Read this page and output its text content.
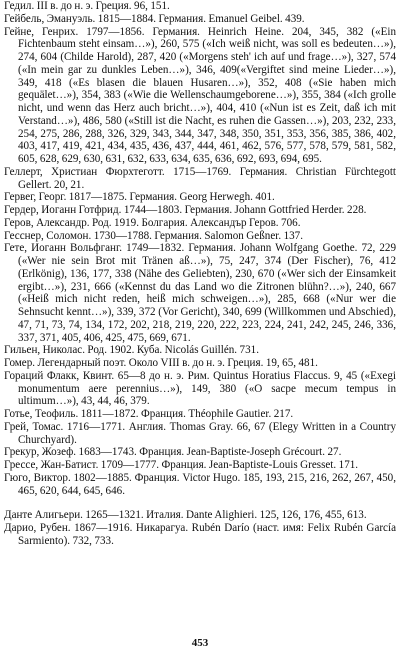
Гедил. III в. до н. э. Греция. 96, 151.

Гейбель, Эмануэль. 1815—1884. Германия. Emanuel Geibel. 439.

Гейне, Генрих. 1797—1856. Германия. Heinrich Heine. 204, 345, 382 («Ein Fichtenbaum steht einsam…»), 260, 575 («Ich weiß nicht, was soll es bedeuten…»), 274, 604 (Childe Harold), 287, 420 («Morgens steh' ich auf und frage…»), 327, 574 («In mein gar zu dunkles Leben…»), 346, 409(«Vergiftet sind meine Lieder…»), 349, 418 («Es blasen die blauen Husaren…»), 352, 408 («Sie haben mich gequälet…»), 354, 383 («Wie die Wellenschaumgeborene…»), 355, 384 («Ich grolle nicht, und wenn das Herz auch bricht…»), 404, 410 («Nun ist es Zeit, daß ich mit Verstand…»), 486, 580 («Still ist die Nacht, es ruhen die Gassen…»), 203, 232, 233, 254, 275, 286, 288, 326, 329, 343, 344, 347, 348, 350, 351, 353, 356, 385, 386, 402, 403, 417, 419, 421, 434, 435, 436, 437, 444, 461, 462, 576, 577, 578, 579, 581, 582, 605, 628, 629, 630, 631, 632, 633, 634, 635, 636, 692, 693, 694, 695.

Геллерт, Христиан Фюрхтеготт. 1715—1769. Германия. Christian Fürchtegott Gellert. 20, 21.

Гервег, Георг. 1817—1875. Германия. Georg Herwegh. 401.

Гердер, Иоганн Готфрид. 1744—1803. Германия. Johann Gottfried Herder. 228.

Геров, Александр. Род. 1919. Болгария. Александър Геров. 706.

Гесснер, Соломон. 1730—1788. Германия. Salomon Geßner. 137.

Гете, Иоганн Вольфганг. 1749—1832. Германия. Johann Wolfgang Goethe. 72, 229 («Wer nie sein Brot mit Tränen aß…»), 75, 247, 374 (Der Fischer), 76, 412 (Erlkönig), 136, 177, 338 (Nähe des Geliebten), 230, 670 («Wer sich der Einsamkeit ergibt…»), 231, 666 («Kennst du das Land wo die Zitronen blühn?…»), 240, 667 («Heiß mich nicht reden, heiß mich schweigen…»), 285, 668 («Nur wer die Sehnsucht kennt…»), 339, 372 (Vor Gericht), 340, 699 (Willkommen und Abschied), 47, 71, 73, 74, 134, 172, 202, 218, 219, 220, 222, 223, 224, 241, 242, 245, 246, 336, 337, 371, 405, 406, 425, 475, 669, 671.

Гильен, Николас. Род. 1902. Куба. Nicolás Guillén. 731.

Гомер. Легендарный поэт. Около VIII в. до н. э. Греция. 19, 65, 481.

Гораций Флакк, Квинт. 65—8 до н. э. Рим. Quintus Horatius Flaccus. 9, 45 («Exegi monumentum aere perennius…»), 149, 380 («O sacpe mecum tempus in ultimum…»), 43, 44, 46, 379.

Готье, Теофиль. 1811—1872. Франция. Théophile Gautier. 217.

Грей, Томас. 1716—1771. Англия. Thomas Gray. 66, 67 (Elegy Written in a Country Churchyard).

Грекур, Жозеф. 1683—1743. Франция. Jean-Baptiste-Joseph Grécourt. 27.

Грессе, Жан-Батист. 1709—1777. Франция. Jean-Baptiste-Louis Gresset. 171.

Гюго, Виктор. 1802—1885. Франция. Victor Hugo. 185, 193, 215, 216, 262, 267, 450, 465, 620, 644, 645, 646.

Данте Алигьери. 1265—1321. Италия. Dante Alighieri. 125, 126, 176, 455, 613.

Дарио, Рубен. 1867—1916. Никарагуа. Rubén Darío (наст. имя: Felix Rubén García Sarmiento). 732, 733.

453
